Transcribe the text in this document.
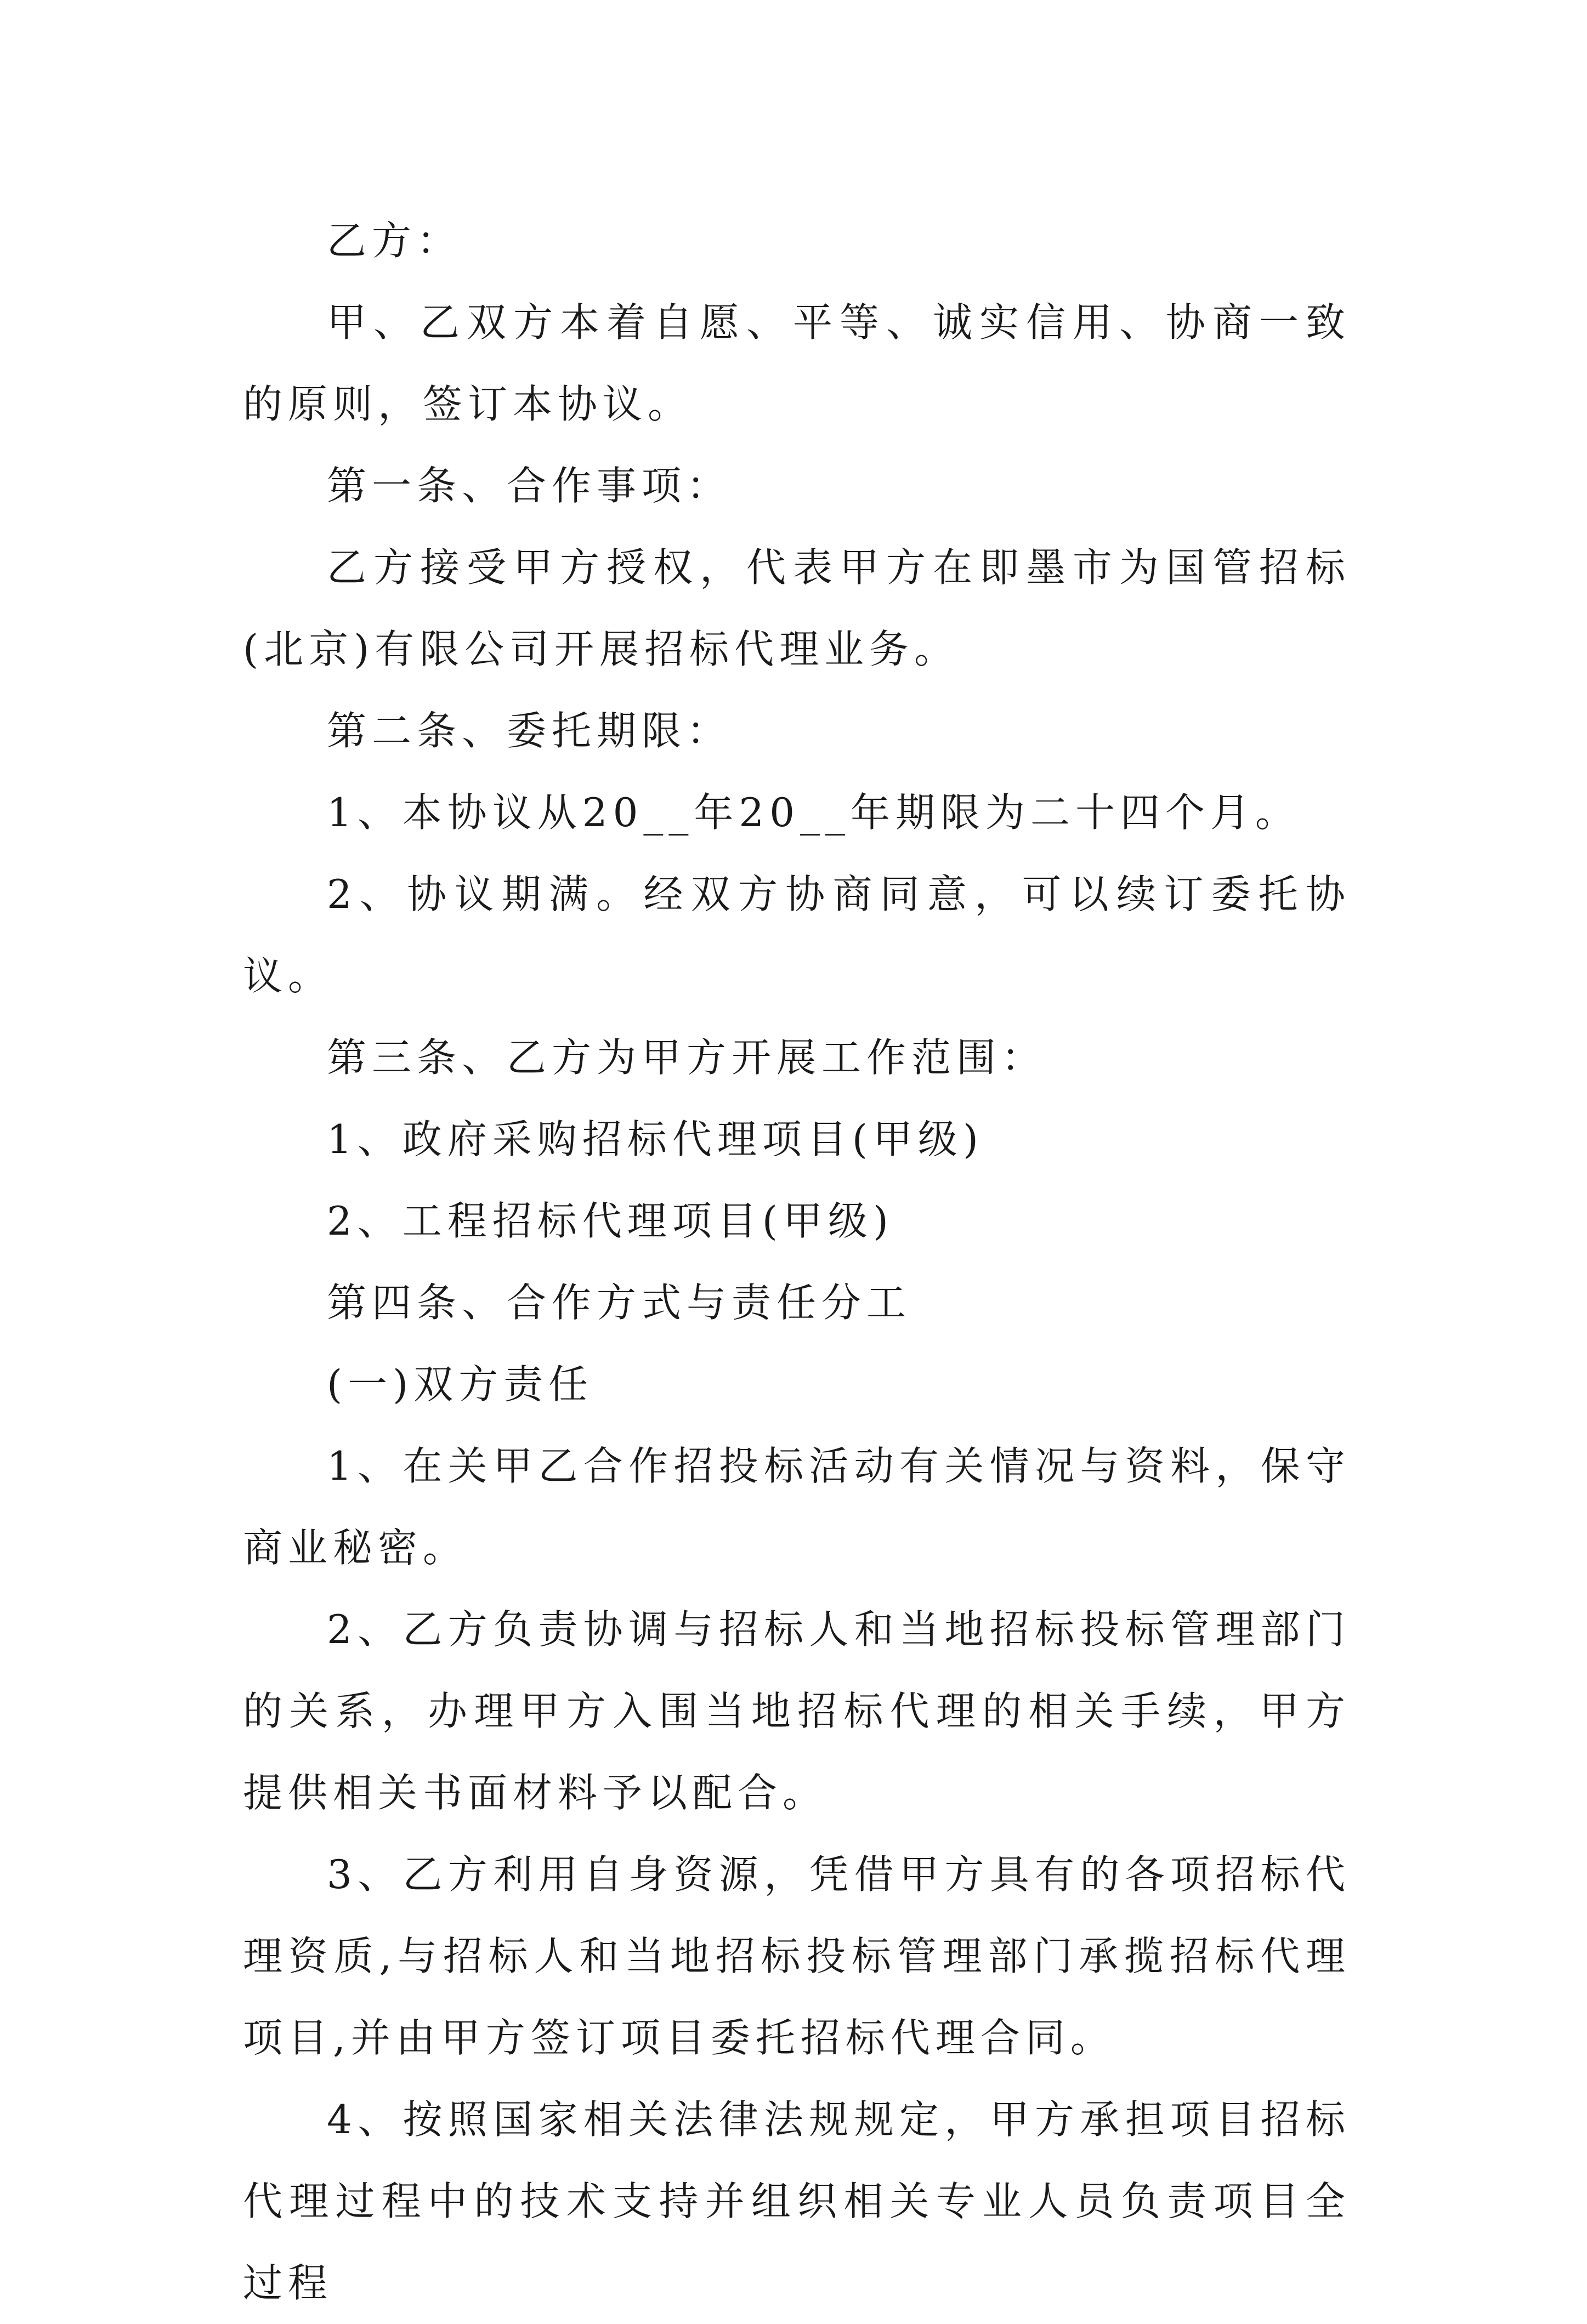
乙方：

甲、乙双方本着自愿、平等、诚实信用、协商一致的原则，签订本协议。

第一条、合作事项：

乙方接受甲方授权，代表甲方在即墨市为国管招标(北京)有限公司开展招标代理业务。

第二条、委托期限：

1、本协议从20__年20__年期限为二十四个月。

2、协议期满。经双方协商同意，可以续订委托协议。

第三条、乙方为甲方开展工作范围：

1、政府采购招标代理项目(甲级)

2、工程招标代理项目(甲级)

第四条、合作方式与责任分工

(一)双方责任

1、在关甲乙合作招投标活动有关情况与资料，保守商业秘密。

2、乙方负责协调与招标人和当地招标投标管理部门的关系，办理甲方入围当地招标代理的相关手续，甲方提供相关书面材料予以配合。

3、乙方利用自身资源，凭借甲方具有的各项招标代理资质,与招标人和当地招标投标管理部门承揽招标代理项目,并由甲方签订项目委托招标代理合同。

4、按照国家相关法律法规规定，甲方承担项目招标代理过程中的技术支持并组织相关专业人员负责项目全过程
